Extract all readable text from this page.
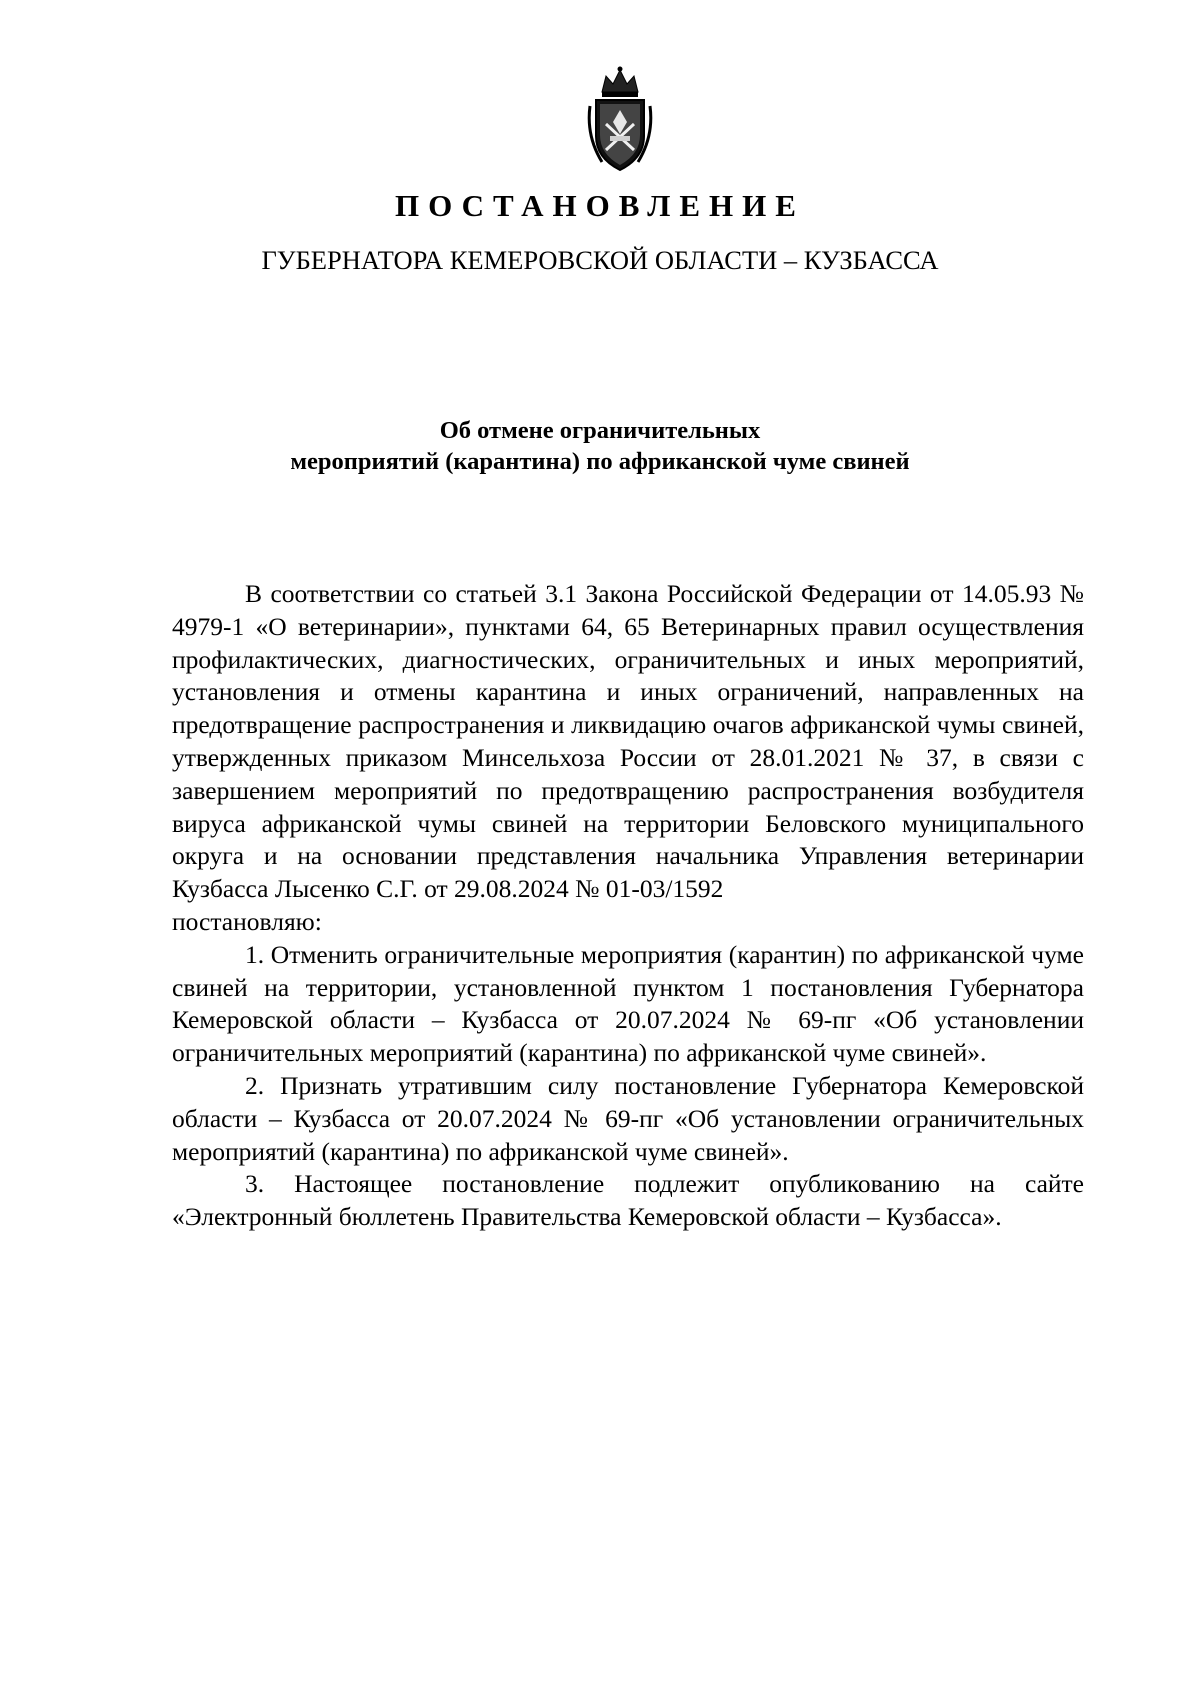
ПОСТАНОВЛЕНИЕ
ГУБЕРНАТОРА КЕМЕРОВСКОЙ ОБЛАСТИ – КУЗБАССА
Об отмене ограничительных
мероприятий (карантина) по африканской чуме свиней

В соответствии со статьей 3.1 Закона Российской Федерации от 14.05.93 № 4979-1 «О ветеринарии», пунктами 64, 65 Ветеринарных правил осуществления профилактических, диагностических, ограничительных и иных мероприятий, установления и отмены карантина и иных ограничений, направленных на предотвращение распространения и ликвидацию очагов африканской чумы свиней, утвержденных приказом Минсельхоза России от 28.01.2021 № 37, в связи с завершением мероприятий по предотвращению распространения возбудителя вируса африканской чумы свиней на территории Беловского муниципального округа и на основании представления начальника Управления ветеринарии Кузбасса Лысенко С.Г. от 29.08.2024 № 01-03/1592

постановляю:

1. Отменить ограничительные мероприятия (карантин) по африканской чуме свиней на территории, установленной пунктом 1 постановления Губернатора Кемеровской области – Кузбасса от 20.07.2024 № 69-пг «Об установлении ограничительных мероприятий (карантина) по африканской чуме свиней».

2. Признать утратившим силу постановление Губернатора Кемеровской области – Кузбасса от 20.07.2024 № 69-пг «Об установлении ограничительных мероприятий (карантина) по африканской чуме свиней».

3. Настоящее постановление подлежит опубликованию на сайте «Электронный бюллетень Правительства Кемеровской области – Кузбасса».
